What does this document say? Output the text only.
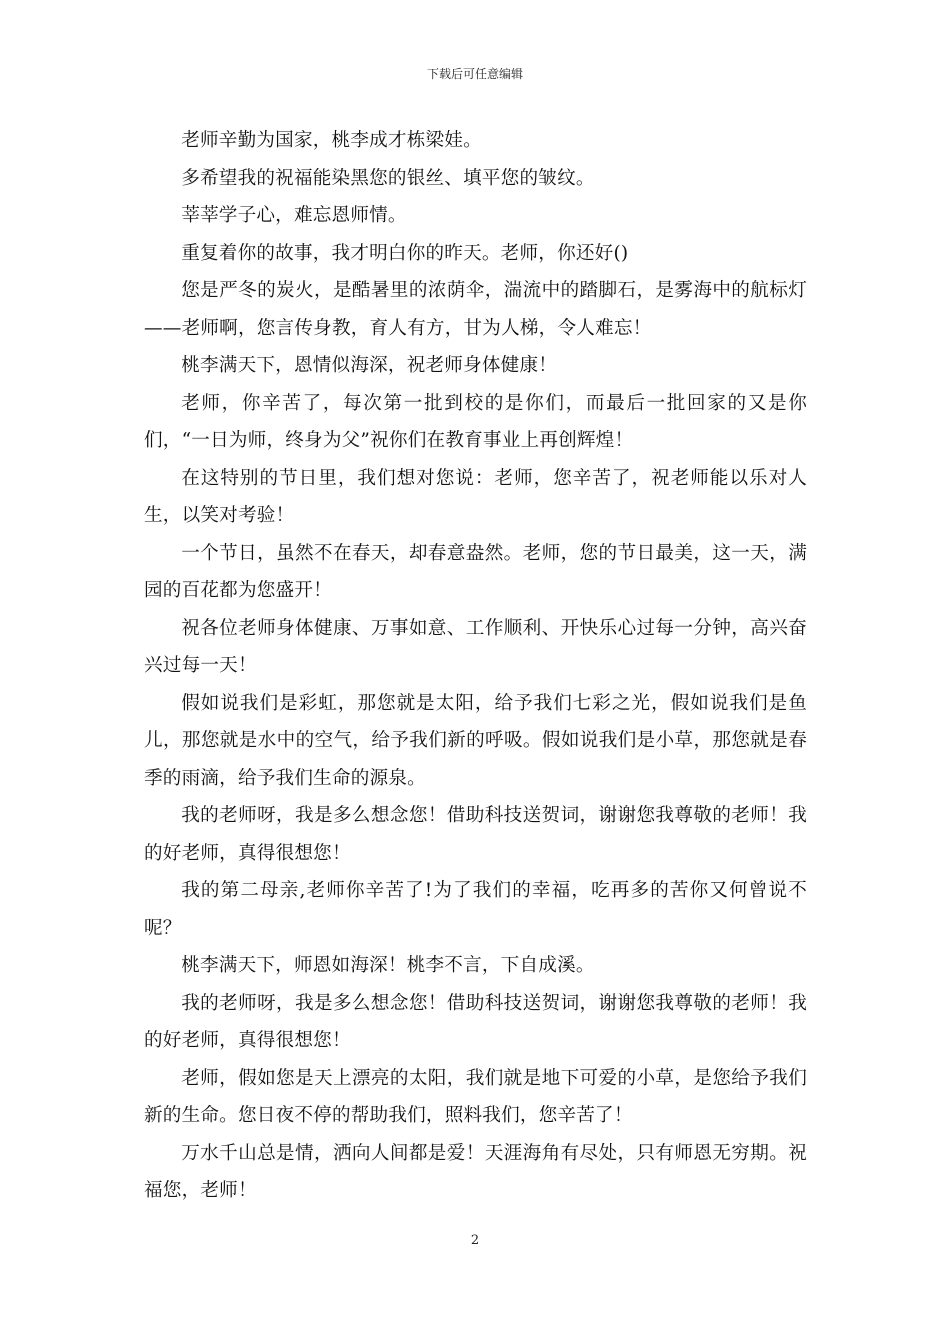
下载后可任意编辑

老师辛勤为国家，桃李成才栋梁娃。

多希望我的祝福能染黑您的银丝、填平您的皱纹。

莘莘学子心，难忘恩师情。

重复着你的故事，我才明白你的昨天。老师，你还好()

您是严冬的炭火，是酷暑里的浓荫伞，湍流中的踏脚石，是雾海中的航标灯——老师啊，您言传身教，育人有方，甘为人梯，令人难忘！

桃李满天下，恩情似海深，祝老师身体健康！

老师，你辛苦了，每次第一批到校的是你们，而最后一批回家的又是你们，“一日为师，终身为父”祝你们在教育事业上再创辉煌！

在这特别的节日里，我们想对您说：老师，您辛苦了，祝老师能以乐对人生，以笑对考验！

一个节日，虽然不在春天，却春意盎然。老师，您的节日最美，这一天，满园的百花都为您盛开！

祝各位老师身体健康、万事如意、工作顺利、开快乐心过每一分钟，高兴奋兴过每一天！

假如说我们是彩虹，那您就是太阳，给予我们七彩之光，假如说我们是鱼儿，那您就是水中的空气，给予我们新的呼吸。假如说我们是小草，那您就是春季的雨滴，给予我们生命的源泉。

我的老师呀，我是多么想念您！借助科技送贺词，谢谢您我尊敬的老师！我的好老师，真得很想您！

我的第二母亲,老师你辛苦了!为了我们的幸福，吃再多的苦你又何曾说不呢？

桃李满天下，师恩如海深！桃李不言，下自成溪。

我的老师呀，我是多么想念您！借助科技送贺词，谢谢您我尊敬的老师！我的好老师，真得很想您！

老师，假如您是天上漂亮的太阳，我们就是地下可爱的小草，是您给予我们新的生命。您日夜不停的帮助我们，照料我们，您辛苦了！

万水千山总是情，洒向人间都是爱！天涯海角有尽处，只有师恩无穷期。祝福您，老师！

2
